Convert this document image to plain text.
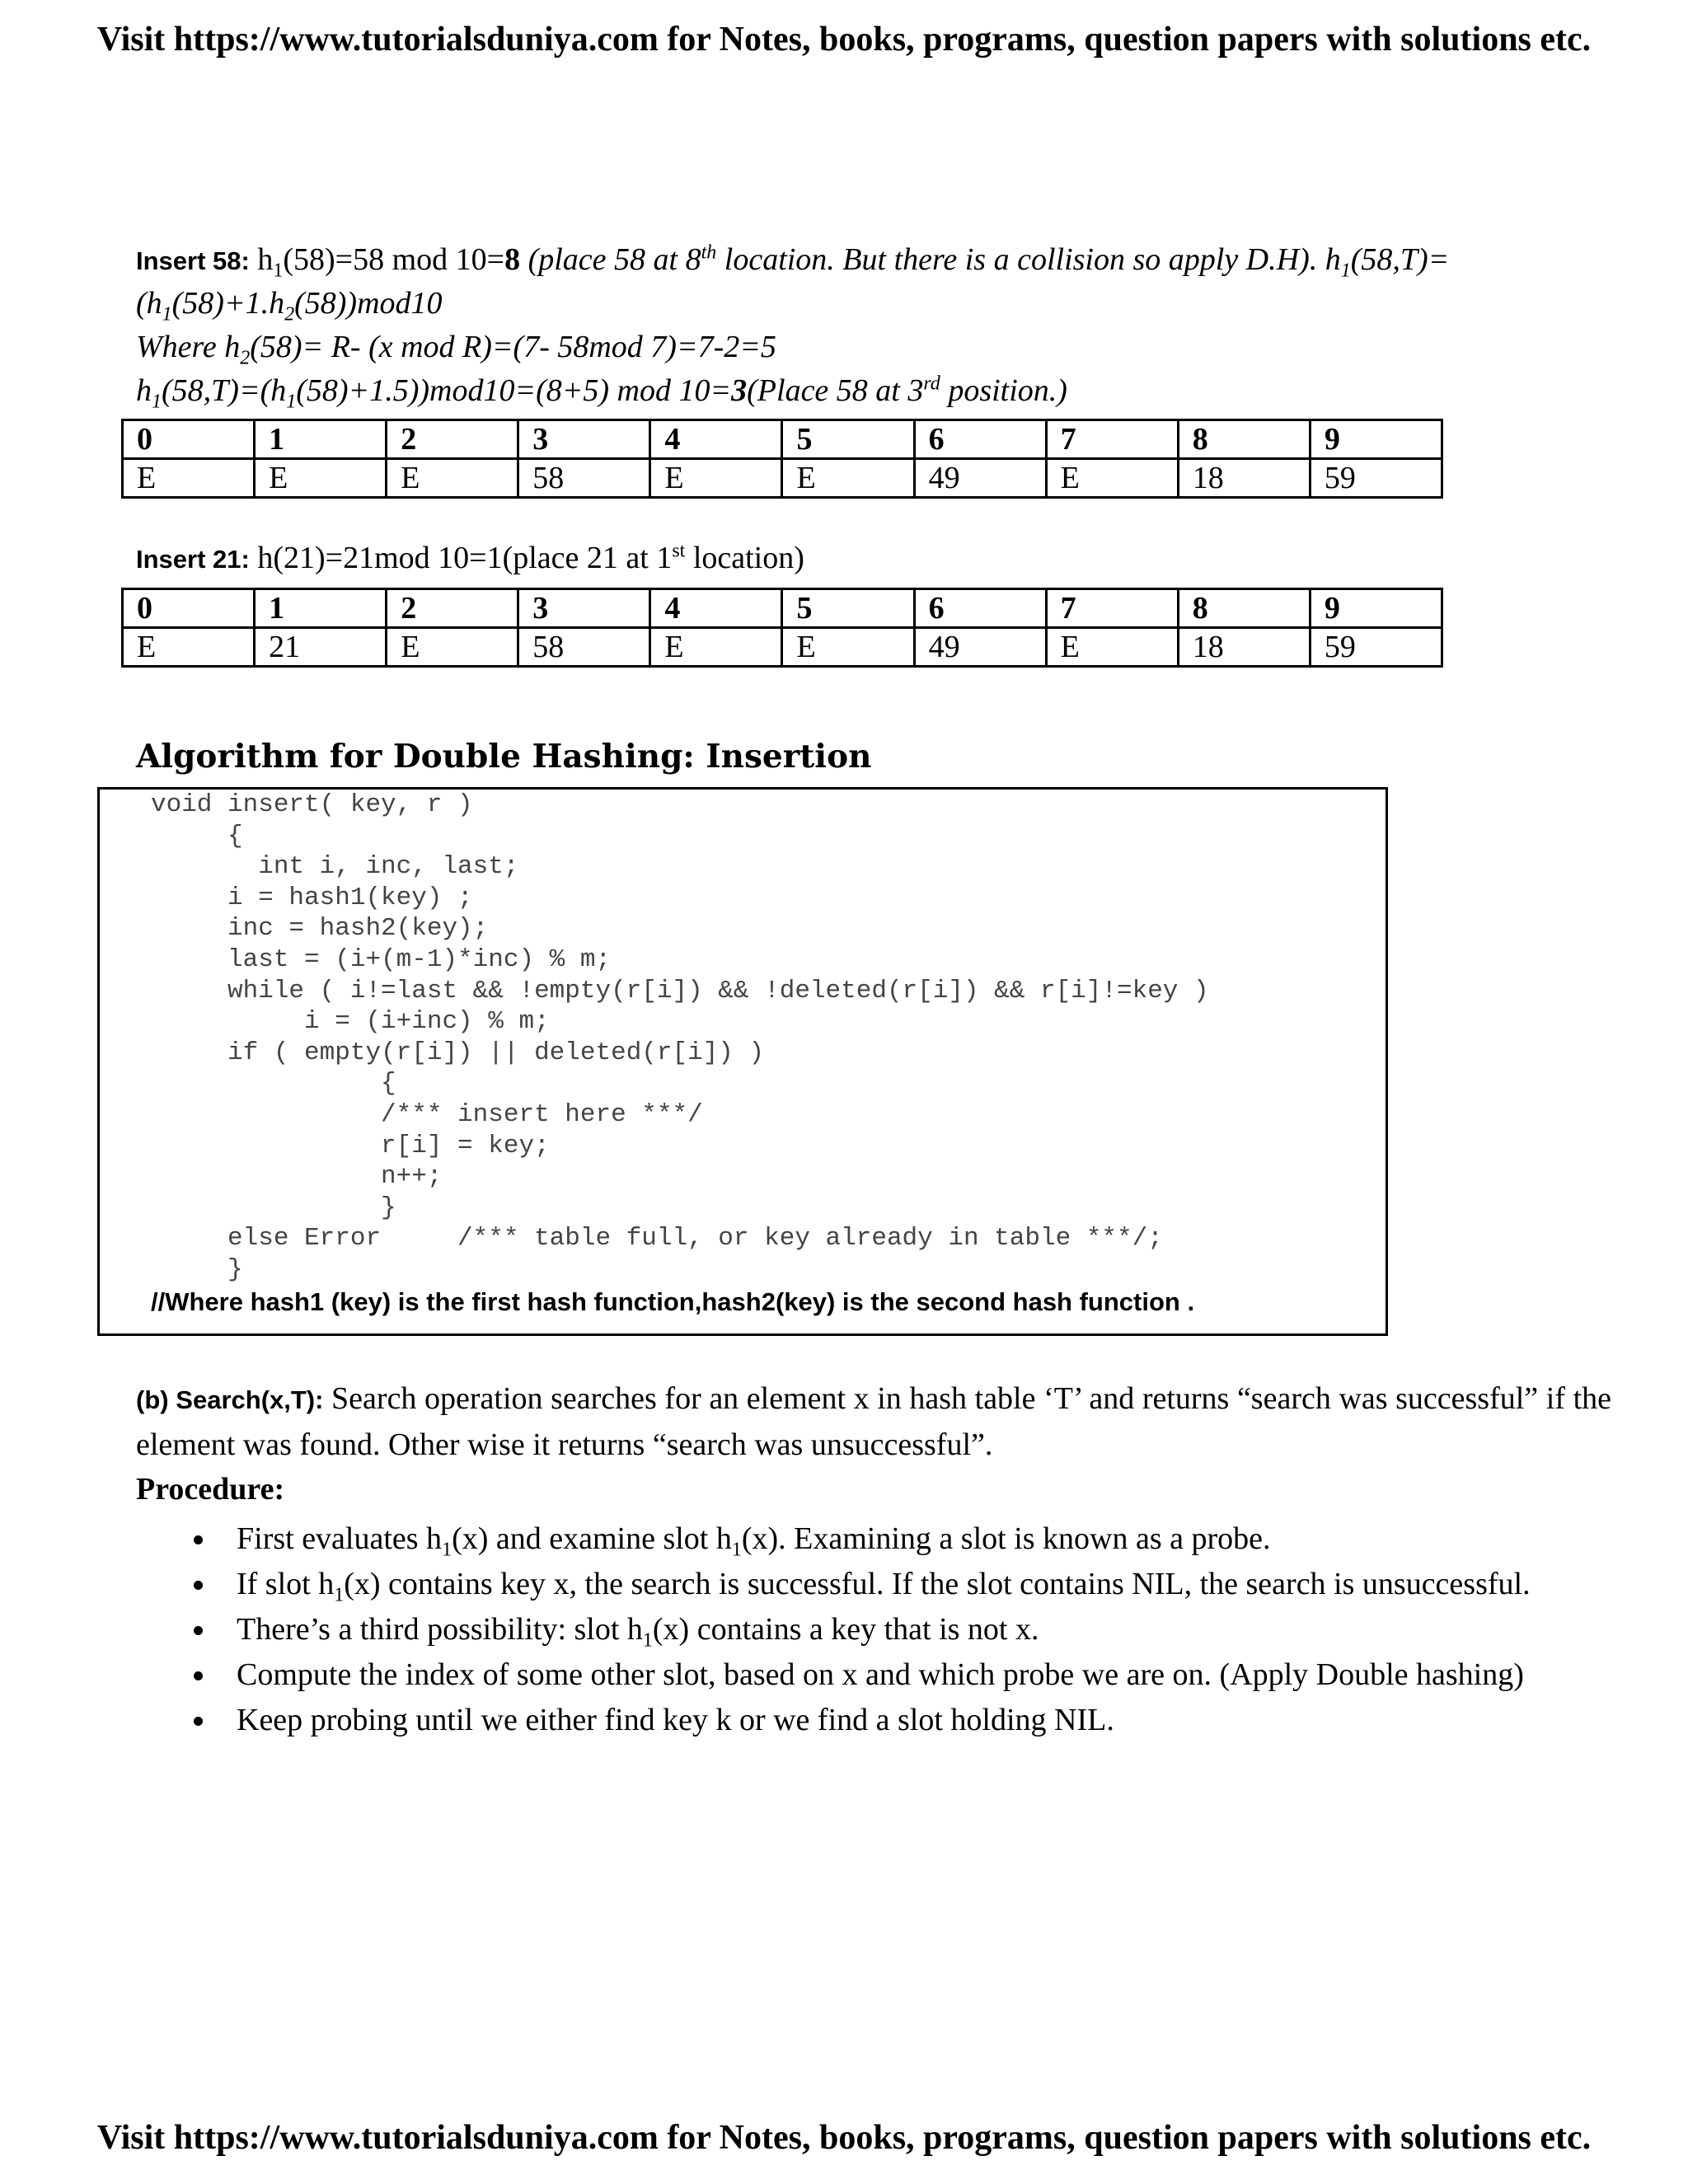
Visit https://www.tutorialsduniya.com for Notes, books, programs, question papers with solutions etc.
Insert 58: $h_1(58)=58$ mod 10=8 (place 58 at 8th location. But there is a collision so apply D.H). $h_1(58,T)=$
$(h_1(58)+1.h_2(58))mod10$
Where $h_2(58)= R-$ (x mod R)=(7- 58mod 7)=7-2=5
$h_1(58,T)=(h_1(58)+1.5))mod10=(8+5)$ mod 10=3(Place 58 at 3rd position.)
0	1	2	3	4	5	6	7	8	9
E	E	E	58	E	E	49	E	18	59
Insert 21: h(21)=21mod 10=1(place 21 at 1st location)
0	1	2	3	4	5	6	7	8	9
E	21	E	58	E	E	49	E	18	59
Algorithm for Double Hashing: Insertion
void insert( key, r )
{
int i, inc, last;
i = hash1(key) ;
inc = hash2(key);
last = (i+(m-1)*inc) % m;
while ( i!=last && !empty(r[i]) && !deleted(r[i]) && r[i]!=key )
i = (i+inc) % m;
if ( empty(r[i]) || deleted(r[i]) )
{
/*** insert here ***/
r[i] = key;
n++;
}
else Error     /*** table full, or key already in table ***/;
}
//Where hash1 (key) is the first hash function,hash2(key) is the second hash function .
(b) Search(x,T): Search operation searches for an element x in hash table ‘T’ and returns “search was successful” if the element was found. Other wise it returns “search was unsuccessful”.
Procedure:
First evaluates $h_1(x)$ and examine slot $h_1(x)$. Examining a slot is known as a probe.
If slot $h_1(x)$ contains key x, the search is successful. If the slot contains NIL, the search is unsuccessful.
There’s a third possibility: slot $h_1(x)$ contains a key that is not x.
Compute the index of some other slot, based on x and which probe we are on. (Apply Double hashing)
Keep probing until we either find key k or we find a slot holding NIL.
Visit https://www.tutorialsduniya.com for Notes, books, programs, question papers with solutions etc.
